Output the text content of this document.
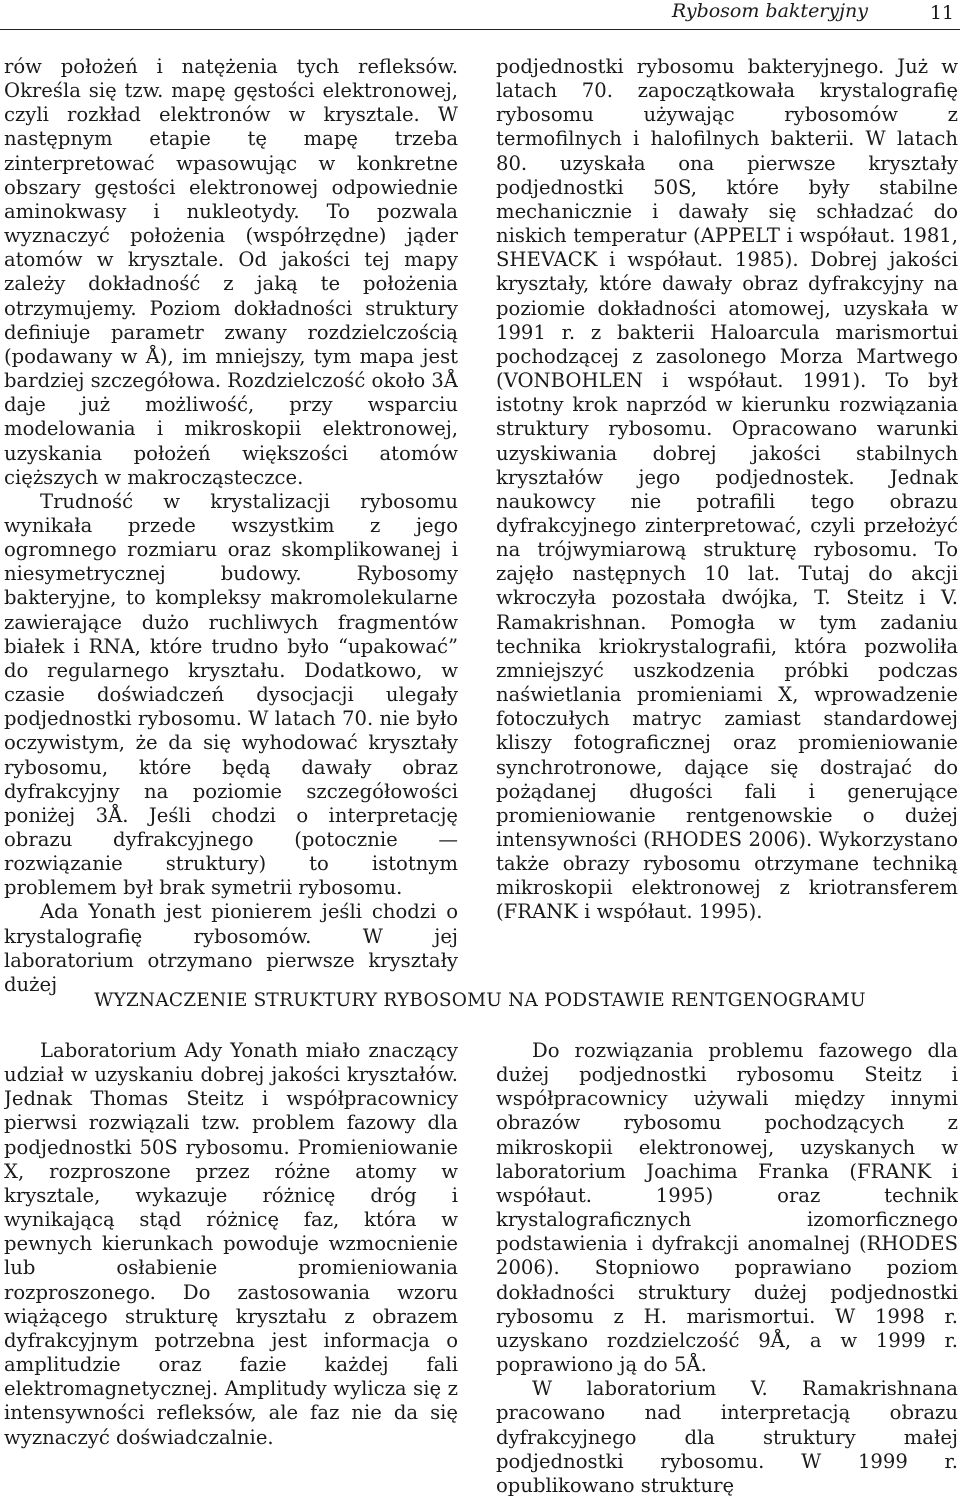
Rybosom bakteryjny	11

rów położeń i natężenia tych refleksów. Określa się tzw. mapę gęstości elektronowej, czyli rozkład elektronów w krysztale. W następnym etapie tę mapę trzeba zinterpretować wpasowując w konkretne obszary gęstości elektronowej odpowiednie aminokwasy i nukleotydy. To pozwala wyznaczyć położenia (współrzędne) jąder atomów w krysztale. Od jakości tej mapy zależy dokładność z jaką te położenia otrzymujemy. Poziom dokładności struktury definiuje parametr zwany rozdzielczością (podawany w Å), im mniejszy, tym mapa jest bardziej szczegółowa. Rozdzielczość około 3Å daje już możliwość, przy wsparciu modelowania i mikroskopii elektronowej, uzyskania położeń większości atomów cięższych w makrocząsteczce.

Trudność w krystalizacji rybosomu wynikała przede wszystkim z jego ogromnego rozmiaru oraz skomplikowanej i niesymetrycznej budowy. Rybosomy bakteryjne, to kompleksy makromolekularne zawierające dużo ruchliwych fragmentów białek i RNA, które trudno było “upakować” do regularnego kryształu. Dodatkowo, w czasie doświadczeń dysocjacji ulegały podjednostki rybosomu. W latach 70. nie było oczywistym, że da się wyhodować kryształy rybosomu, które będą dawały obraz dyfrakcyjny na poziomie szczegółowości poniżej 3Å. Jeśli chodzi o interpretację obrazu dyfrakcyjnego (potocznie — rozwiązanie struktury) to istotnym problemem był brak symetrii rybosomu.

Ada Yonath jest pionierem jeśli chodzi o krystalografię rybosomów. W jej laboratorium otrzymano pierwsze kryształy dużej

podjednostki rybosomu bakteryjnego. Już w latach 70. zapoczątkowała krystalografię rybosomu używając rybosomów z termofilnych i halofilnych bakterii. W latach 80. uzyskała ona pierwsze kryształy podjednostki 50S, które były stabilne mechanicznie i dawały się schładzać do niskich temperatur (APPELT i współaut. 1981, SHEVACK i współaut. 1985). Dobrej jakości kryształy, które dawały obraz dyfrakcyjny na poziomie dokładności atomowej, uzyskała w 1991 r. z bakterii Haloarcula marismortui pochodzącej z zasolonego Morza Martwego (VONBOHLEN i współaut. 1991). To był istotny krok naprzód w kierunku rozwiązania struktury rybosomu. Opracowano warunki uzyskiwania dobrej jakości stabilnych kryształów jego podjednostek. Jednak naukowcy nie potrafili tego obrazu dyfrakcyjnego zinterpretować, czyli przełożyć na trójwymiarową strukturę rybosomu. To zajęło następnych 10 lat. Tutaj do akcji wkroczyła pozostała dwójka, T. Steitz i V. Ramakrishnan. Pomogła w tym zadaniu technika kriokrystalografii, która pozwoliła zmniejszyć uszkodzenia próbki podczas naświetlania promieniami X, wprowadzenie fotoczułych matryc zamiast standardowej kliszy fotograficznej oraz promieniowanie synchrotronowe, dające się dostrajać do pożądanej długości fali i generujące promieniowanie rentgenowskie o dużej intensywności (RHODES 2006). Wykorzystano także obrazy rybosomu otrzymane techniką mikroskopii elektronowej z kriotransferem (FRANK i współaut. 1995).

WYZNACZENIE STRUKTURY RYBOSOMU NA PODSTAWIE RENTGENOGRAMU

Laboratorium Ady Yonath miało znaczący udział w uzyskaniu dobrej jakości kryształów. Jednak Thomas Steitz i współpracownicy pierwsi rozwiązali tzw. problem fazowy dla podjednostki 50S rybosomu. Promieniowanie X, rozproszone przez różne atomy w krysztale, wykazuje różnicę dróg i wynikającą stąd różnicę faz, która w pewnych kierunkach powoduje wzmocnienie lub osłabienie promieniowania rozproszonego. Do zastosowania wzoru wiążącego strukturę kryształu z obrazem dyfrakcyjnym potrzebna jest informacja o amplitudzie oraz fazie każdej fali elektromagnetycznej. Amplitudy wylicza się z intensywności refleksów, ale faz nie da się wyznaczyć doświadczalnie.

Do rozwiązania problemu fazowego dla dużej podjednostki rybosomu Steitz i współpracownicy używali między innymi obrazów rybosomu pochodzących z mikroskopii elektronowej, uzyskanych w laboratorium Joachima Franka (FRANK i współaut. 1995) oraz technik krystalograficznych izomorficznego podstawienia i dyfrakcji anomalnej (RHODES 2006). Stopniowo poprawiano poziom dokładności struktury dużej podjednostki rybosomu z H. marismortui. W 1998 r. uzyskano rozdzielczość 9Å, a w 1999 r. poprawiono ją do 5Å.

W laboratorium V. Ramakrishnana pracowano nad interpretacją obrazu dyfrakcyjnego dla struktury małej podjednostki rybosomu. W 1999 r. opublikowano strukturę
